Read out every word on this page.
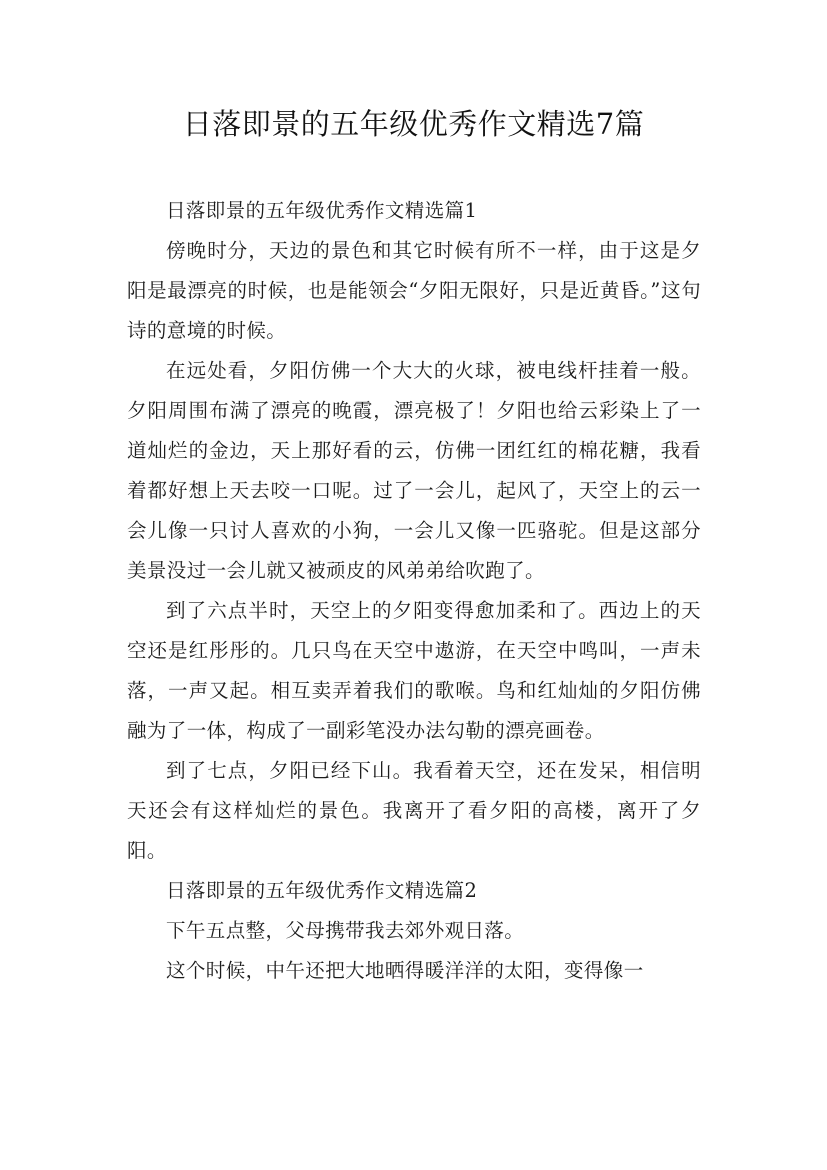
日落即景的五年级优秀作文精选7篇

日落即景的五年级优秀作文精选篇1

傍晚时分，天边的景色和其它时候有所不一样，由于这是夕阳是最漂亮的时候，也是能领会“夕阳无限好，只是近黄昏。”这句诗的意境的时候。

在远处看，夕阳仿佛一个大大的火球，被电线杆挂着一般。夕阳周围布满了漂亮的晚霞，漂亮极了！夕阳也给云彩染上了一道灿烂的金边，天上那好看的云，仿佛一团红红的棉花糖，我看着都好想上天去咬一口呢。过了一会儿，起风了，天空上的云一会儿像一只讨人喜欢的小狗，一会儿又像一匹骆驼。但是这部分美景没过一会儿就又被顽皮的风弟弟给吹跑了。

到了六点半时，天空上的夕阳变得愈加柔和了。西边上的天空还是红彤彤的。几只鸟在天空中遨游，在天空中鸣叫，一声未落，一声又起。相互卖弄着我们的歌喉。鸟和红灿灿的夕阳仿佛融为了一体，构成了一副彩笔没办法勾勒的漂亮画卷。

到了七点，夕阳已经下山。我看着天空，还在发呆，相信明天还会有这样灿烂的景色。我离开了看夕阳的高楼，离开了夕阳。

日落即景的五年级优秀作文精选篇2

下午五点整，父母携带我去郊外观日落。

这个时候，中午还把大地晒得暖洋洋的太阳，变得像一
